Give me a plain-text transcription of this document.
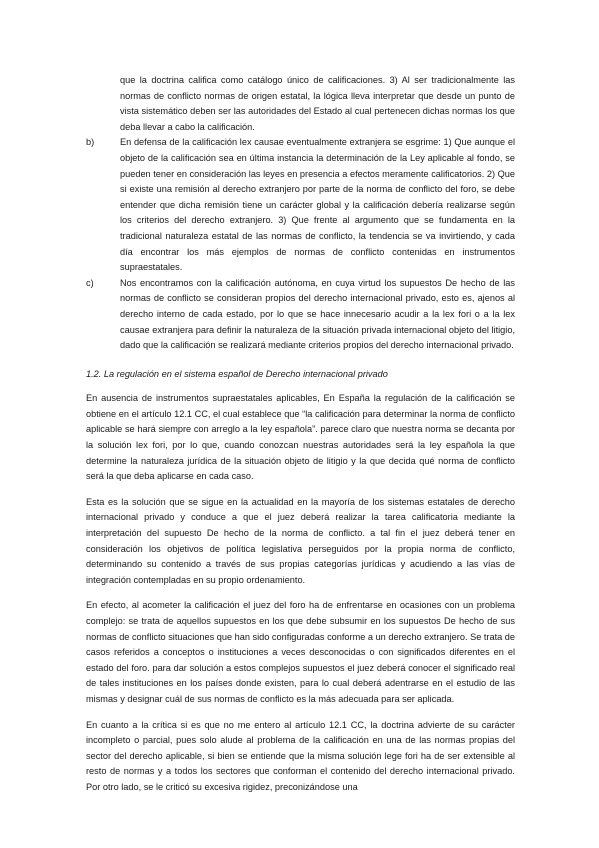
que la doctrina califica como catálogo único de calificaciones. 3) Al ser tradicionalmente las normas de conflicto normas de origen estatal, la lógica lleva interpretar que desde un punto de vista sistemático deben ser las autoridades del Estado al cual pertenecen dichas normas los que deba llevar a cabo la calificación.
b)	En defensa de la calificación lex causae eventualmente extranjera se esgrime: 1) Que aunque el objeto de la calificación sea en última instancia la determinación de la Ley aplicable al fondo, se pueden tener en consideración las leyes en presencia a efectos meramente calificatorios. 2) Que si existe una remisión al derecho extranjero por parte de la norma de conflicto del foro, se debe entender que dicha remisión tiene un carácter global y la calificación debería realizarse según los criterios del derecho extranjero. 3) Que frente al argumento que se fundamenta en la tradicional naturaleza estatal de las normas de conflicto, la tendencia se va invirtiendo, y cada día encontrar los más ejemplos de normas de conflicto contenidas en instrumentos supraestatales.
c)	Nos encontramos con la calificación autónoma, en cuya virtud los supuestos De hecho de las normas de conflicto se consideran propios del derecho internacional privado, esto es, ajenos al derecho interno de cada estado, por lo que se hace innecesario acudir a la lex fori o a la lex causae extranjera para definir la naturaleza de la situación privada internacional objeto del litigio, dado que la calificación se realizará mediante criterios propios del derecho internacional privado.
1.2. La regulación en el sistema español de Derecho internacional privado

En ausencia de instrumentos supraestatales aplicables, En España la regulación de la calificación se obtiene en el artículo 12.1 CC, el cual establece que “la calificación para determinar la norma de conflicto aplicable se hará siempre con arreglo a la ley española”. parece claro que nuestra norma se decanta por la solución lex fori, por lo que, cuando conozcan nuestras autoridades será la ley española la que determine la naturaleza jurídica de la situación objeto de litigio y la que decida qué norma de conflicto será la que deba aplicarse en cada caso.

Esta es la solución que se sigue en la actualidad en la mayoría de los sistemas estatales de derecho internacional privado y conduce a que el juez deberá realizar la tarea calificatoria mediante la interpretación del supuesto De hecho de la norma de conflicto. a tal fin el juez deberá tener en consideración los objetivos de política legislativa perseguidos por la propia norma de conflicto, determinando su contenido a través de sus propias categorías jurídicas y acudiendo a las vías de integración contempladas en su propio ordenamiento.

En efecto, al acometer la calificación el juez del foro ha de enfrentarse en ocasiones con un problema complejo: se trata de aquellos supuestos en los que debe subsumir en los supuestos De hecho de sus normas de conflicto situaciones que han sido configuradas conforme a un derecho extranjero. Se trata de casos referidos a conceptos o instituciones a veces desconocidas o con significados diferentes en el estado del foro. para dar solución a estos complejos supuestos el juez deberá conocer el significado real de tales instituciones en los países donde existen, para lo cual deberá adentrarse en el estudio de las mismas y designar cuál de sus normas de conflicto es la más adecuada para ser aplicada.

En cuanto a la crítica si es que no me entero al artículo 12.1 CC, la doctrina advierte de su carácter incompleto o parcial, pues solo alude al problema de la calificación en una de las normas propias del sector del derecho aplicable, si bien se entiende que la misma solución lege fori ha de ser extensible al resto de normas y a todos los sectores que conforman el contenido del derecho internacional privado. Por otro lado, se le criticó su excesiva rigidez, preconizándose una
